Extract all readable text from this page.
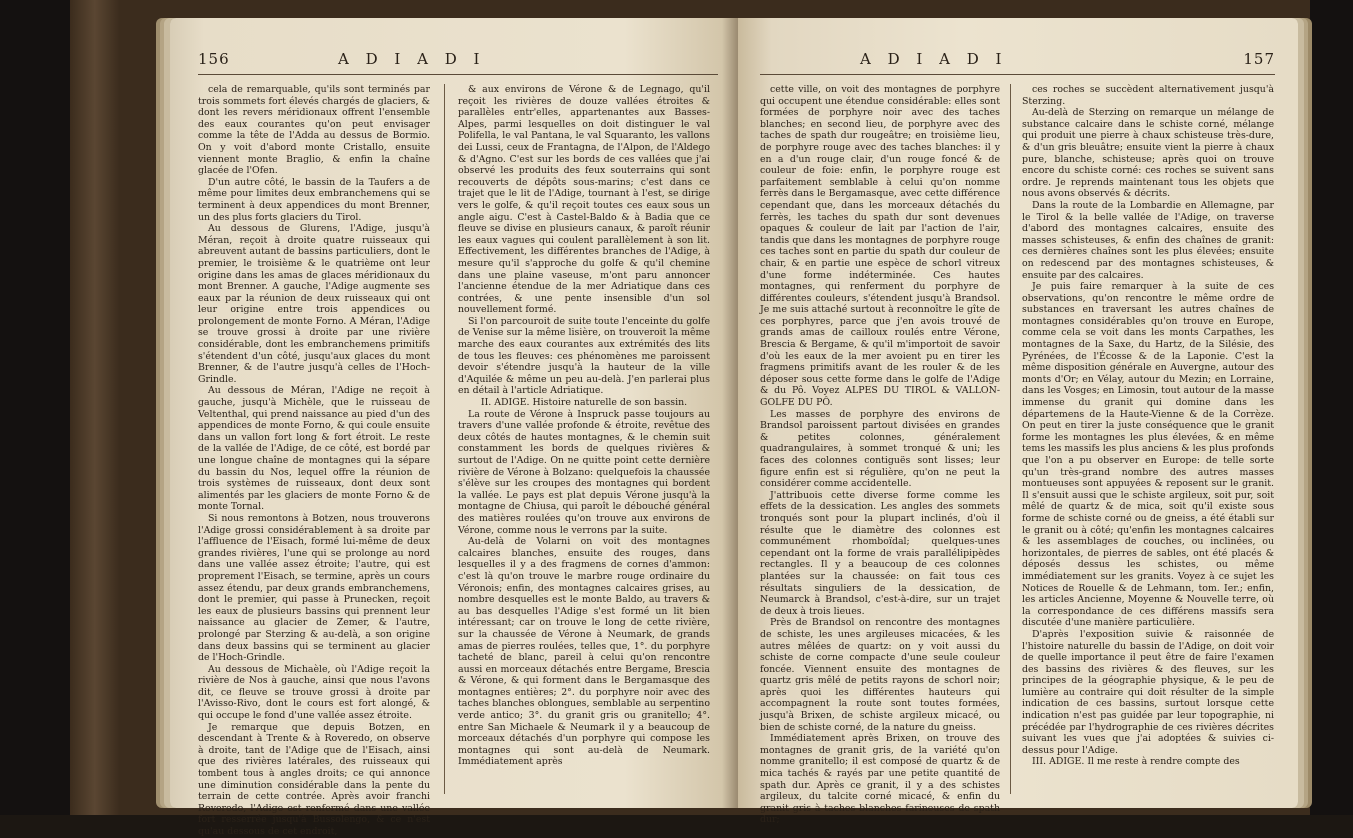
156	A D I A D I

cela de remarquable, qu'ils sont terminés par trois sommets fort élevés chargés de glaciers, & dont les revers méridionaux offrent l'ensemble des eaux courantes qu'on peut envisager comme la tête de l'Adda au dessus de Bormio. On y voit d'abord monte Cristallo, ensuite viennent monte Braglio, & enfin la chaîne glacée de l'Ofen.

D'un autre côté, le bassin de la Taufers a de même pour limites deux embranchemens qui se terminent à deux appendices du mont Brenner, un des plus forts glaciers du Tirol.

Au dessous de Glurens, l'Adige, jusqu'à Méran, reçoit à droite quatre ruisseaux qui abreuvent autant de bassins particuliers, dont le premier, le troisième & le quatrième ont leur origine dans les amas de glaces méridionaux du mont Brenner. A gauche, l'Adige augmente ses eaux par la réunion de deux ruisseaux qui ont leur origine entre trois appendices ou prolongement de monte Forno. A Méran, l'Adige se trouve grossi à droite par une rivière considérable, dont les embranchemens primitifs s'étendent d'un côté, jusqu'aux glaces du mont Brenner, & de l'autre jusqu'à celles de l'Hoch-Grindle.

Au dessous de Méran, l'Adige ne reçoit à gauche, jusqu'à Michèle, que le ruisseau de Veltenthal, qui prend naissance au pied d'un des appendices de monte Forno, & qui coule ensuite dans un vallon fort long & fort étroit. Le reste de la vallée de l'Adige, de ce côté, est bordé par une longue chaîne de montagnes qui la sépare du bassin du Nos, lequel offre la réunion de trois systèmes de ruisseaux, dont deux sont alimentés par les glaciers de monte Forno & de monte Tornal.

Si nous remontons à Botzen, nous trouverons l'Adige grossi considérablement à sa droite par l'affluence de l'Eisach, formé lui-même de deux grandes rivières, l'une qui se prolonge au nord dans une vallée assez étroite; l'autre, qui est proprement l'Eisach, se termine, après un cours assez étendu, par deux grands embranchemens, dont le premier, qui passe à Prunecken, reçoit les eaux de plusieurs bassins qui prennent leur naissance au glacier de Zemer, & l'autre, prolongé par Sterzing & au-delà, a son origine dans deux bassins qui se terminent au glacier de l'Hoch-Grindle.

Au dessous de Michaèle, où l'Adige reçoit la rivière de Nos à gauche, ainsi que nous l'avons dit, ce fleuve se trouve grossi à droite par l'Avisso-Rivo, dont le cours est fort alongé, & qui occupe le fond d'une vallée assez étroite.

Je remarque que depuis Botzen, en descendant à Trente & à Roveredo, on observe à droite, tant de l'Adige que de l'Eisach, ainsi que des rivières latérales, des ruisseaux qui tombent tous à angles droits; ce qui annonce une diminution considérable dans la pente du terrain de cette contrée. Après avoir franchi Roveredo, l'Adige est renfermé dans une vallée fort resserrée jusqu'à Bussolengo, & ce n'est qu'au dessous de cet endroit,

& aux environs de Vérone & de Legnago, qu'il reçoit les rivières de douze vallées étroites & parallèles entr'elles, appartenantes aux Basses-Alpes, parmi lesquelles on doit distinguer le val Polifella, le val Pantana, le val Squaranto, les vallons dei Lussi, ceux de Frantagna, de l'Alpon, de l'Aldego & d'Agno. C'est sur les bords de ces vallées que j'ai observé les produits des feux souterrains qui sont recouverts de dépôts sous-marins; c'est dans ce trajet que le lit de l'Adige, tournant à l'est, se dirige vers le golfe, & qu'il reçoit toutes ces eaux sous un angle aigu. C'est à Castel-Baldo & à Badia que ce fleuve se divise en plusieurs canaux, & paroît réunir les eaux vagues qui coulent parallèlement à son lit. Effectivement, les différentes branches de l'Adige, à mesure qu'il s'approche du golfe & qu'il chemine dans une plaine vaseuse, m'ont paru annoncer l'ancienne étendue de la mer Adriatique dans ces contrées, & une pente insensible d'un sol nouvellement formé.

Si l'on parcouroit de suite toute l'enceinte du golfe de Venise sur la même lisière, on trouveroit la même marche des eaux courantes aux extrémités des lits de tous les fleuves: ces phénomènes me paroissent devoir s'étendre jusqu'à la hauteur de la ville d'Aquilée & même un peu au-delà. J'en parlerai plus en détail à l'article Adriatique.

II. ADIGE. Histoire naturelle de son bassin.

La route de Vérone à Inspruck passe toujours au travers d'une vallée profonde & étroite, revêtue des deux côtés de hautes montagnes, & le chemin suit constamment les bords de quelques rivières & surtout de l'Adige. On ne quitte point cette dernière rivière de Vérone à Bolzano: quelquefois la chaussée s'élève sur les croupes des montagnes qui bordent la vallée. Le pays est plat depuis Vérone jusqu'à la montagne de Chiusa, qui paroît le débouché général des matières roulées qu'on trouve aux environs de Vérone, comme nous le verrons par la suite.

Au-delà de Volarni on voit des montagnes calcaires blanches, ensuite des rouges, dans lesquelles il y a des fragmens de cornes d'ammon: c'est là qu'on trouve le marbre rouge ordinaire du Véronois; enfin, des montagnes calcaires grises, au nombre desquelles est le monte Baldo, au travers & au bas desquelles l'Adige s'est formé un lit bien intéressant; car on trouve le long de cette rivière, sur la chaussée de Vérone à Neumark, de grands amas de pierres roulées, telles que, 1°. du porphyre tacheté de blanc, pareil à celui qu'on rencontre aussi en morceaux détachés entre Bergame, Brescia & Vérone, & qui forment dans le Bergamasque des montagnes entières; 2°. du porphyre noir avec des taches blanches oblongues, semblable au serpentino verde antico; 3°. du granit gris ou granitello; 4°. entre San Michaele & Neumark il y a beaucoup de morceaux détachés d'un porphyre qui compose les montagnes qui sont au-delà de Neumark. Immédiatement après

A D I A D I	157

cette ville, on voit des montagnes de porphyre qui occupent une étendue considérable: elles sont formées de porphyre noir avec des taches blanches; en second lieu, de porphyre avec des taches de spath dur rougeâtre; en troisième lieu, de porphyre rouge avec des taches blanches: il y en a d'un rouge clair, d'un rouge foncé & de couleur de foie: enfin, le porphyre rouge est parfaitement semblable à celui qu'on nomme ferrès dans le Bergamasque, avec cette différence cependant que, dans les morceaux détachés du ferrès, les taches du spath dur sont devenues opaques & couleur de lait par l'action de l'air, tandis que dans les montagnes de porphyre rouge ces taches sont en partie du spath dur couleur de chair, & en partie une espèce de schorl vitreux d'une forme indéterminée. Ces hautes montagnes, qui renferment du porphyre de différentes couleurs, s'étendent jusqu'à Brandsol. Je me suis attaché surtout à reconnoître le gîte de ces porphyres, parce que j'en avois trouvé de grands amas de cailloux roulés entre Vérone, Brescia & Bergame, & qu'il m'importoit de savoir d'où les eaux de la mer avoient pu en tirer les fragmens primitifs avant de les rouler & de les déposer sous cette forme dans le golfe de l'Adige & du Pô. Voyez ALPES DU TIROL & VALLON-GOLFE DU PÔ.

Les masses de porphyre des environs de Brandsol paroissent partout divisées en grandes & petites colonnes, généralement quadrangulaires, à sommet tronqué & uni; les faces des colonnes contiguës sont lisses; leur figure enfin est si régulière, qu'on ne peut la considérer comme accidentelle.

J'attribuois cette diverse forme comme les effets de la dessication. Les angles des sommets tronqués sont pour la plupart inclinés, d'où il résulte que le diamètre des colonnes est communément rhomboïdal; quelques-unes cependant ont la forme de vrais parallélipipèdes rectangles. Il y a beaucoup de ces colonnes plantées sur la chaussée: on fait tous ces résultats singuliers de la dessication, de Neumarck à Brandsol, c'est-à-dire, sur un trajet de deux à trois lieues.

Près de Brandsol on rencontre des montagnes de schiste, les unes argileuses micacées, & les autres mêlées de quartz: on y voit aussi du schiste de corne compacte d'une seule couleur foncée. Viennent ensuite des montagnes de quartz gris mêlé de petits rayons de schorl noir; après quoi les différentes hauteurs qui accompagnent la route sont toutes formées, jusqu'à Brixen, de schiste argileux micacé, ou bien de schiste corné, de la nature du gneiss.

Immédiatement après Brixen, on trouve des montagnes de granit gris, de la variété qu'on nomme granitello; il est composé de quartz & de mica tachés & rayés par une petite quantité de spath dur. Après ce granit, il y a des schistes argileux, du talcite corné micacé, & enfin du granit gris à taches blanches farineuses de spath dur;

ces roches se succèdent alternativement jusqu'à Sterzing.

Au-delà de Sterzing on remarque un mélange de substance calcaire dans le schiste corné, mélange qui produit une pierre à chaux schisteuse très-dure, & d'un gris bleuâtre; ensuite vient la pierre à chaux pure, blanche, schisteuse; après quoi on trouve encore du schiste corné: ces roches se suivent sans ordre. Je reprends maintenant tous les objets que nous avons observés & décrits.

Dans la route de la Lombardie en Allemagne, par le Tirol & la belle vallée de l'Adige, on traverse d'abord des montagnes calcaires, ensuite des masses schisteuses, & enfin des chaînes de granit: ces dernières chaînes sont les plus élevées; ensuite on redescend par des montagnes schisteuses, & ensuite par des calcaires.

Je puis faire remarquer à la suite de ces observations, qu'on rencontre le même ordre de substances en traversant les autres chaînes de montagnes considérables qu'on trouve en Europe, comme cela se voit dans les monts Carpathes, les montagnes de la Saxe, du Hartz, de la Silésie, des Pyrénées, de l'Écosse & de la Laponie. C'est la même disposition générale en Auvergne, autour des monts d'Or; en Vélay, autour du Mezin; en Lorraine, dans les Vosges; en Limosin, tout autour de la masse immense du granit qui domine dans les départemens de la Haute-Vienne & de la Corrèze. On peut en tirer la juste conséquence que le granit forme les montagnes les plus élevées, & en même tems les massifs les plus anciens & les plus profonds que l'on a pu observer en Europe: de telle sorte qu'un très-grand nombre des autres masses montueuses sont appuyées & reposent sur le granit. Il s'ensuit aussi que le schiste argileux, soit pur, soit mêlé de quartz & de mica, soit qu'il existe sous forme de schiste corné ou de gneiss, a été établi sur le granit ou à côté; qu'enfin les montagnes calcaires & les assemblages de couches, ou inclinées, ou horizontales, de pierres de sables, ont été placés & déposés dessus les schistes, ou même immédiatement sur les granits. Voyez à ce sujet les Notices de Rouelle & de Lehmann, tom. Ier.; enfin, les articles Ancienne, Moyenne & Nouvelle terre, où la correspondance de ces différens massifs sera discutée d'une manière particulière.

D'après l'exposition suivie & raisonnée de l'histoire naturelle du bassin de l'Adige, on doit voir de quelle importance il peut être de faire l'examen des bassins des rivières & des fleuves, sur les principes de la géographie physique, & le peu de lumière au contraire qui doit résulter de la simple indication de ces bassins, surtout lorsque cette indication n'est pas guidée par leur topographie, ni précédée par l'hydrographie de ces rivières décrites suivant les vues que j'ai adoptées & suivies ci-dessus pour l'Adige.

III. ADIGE. Il me reste à rendre compte des
